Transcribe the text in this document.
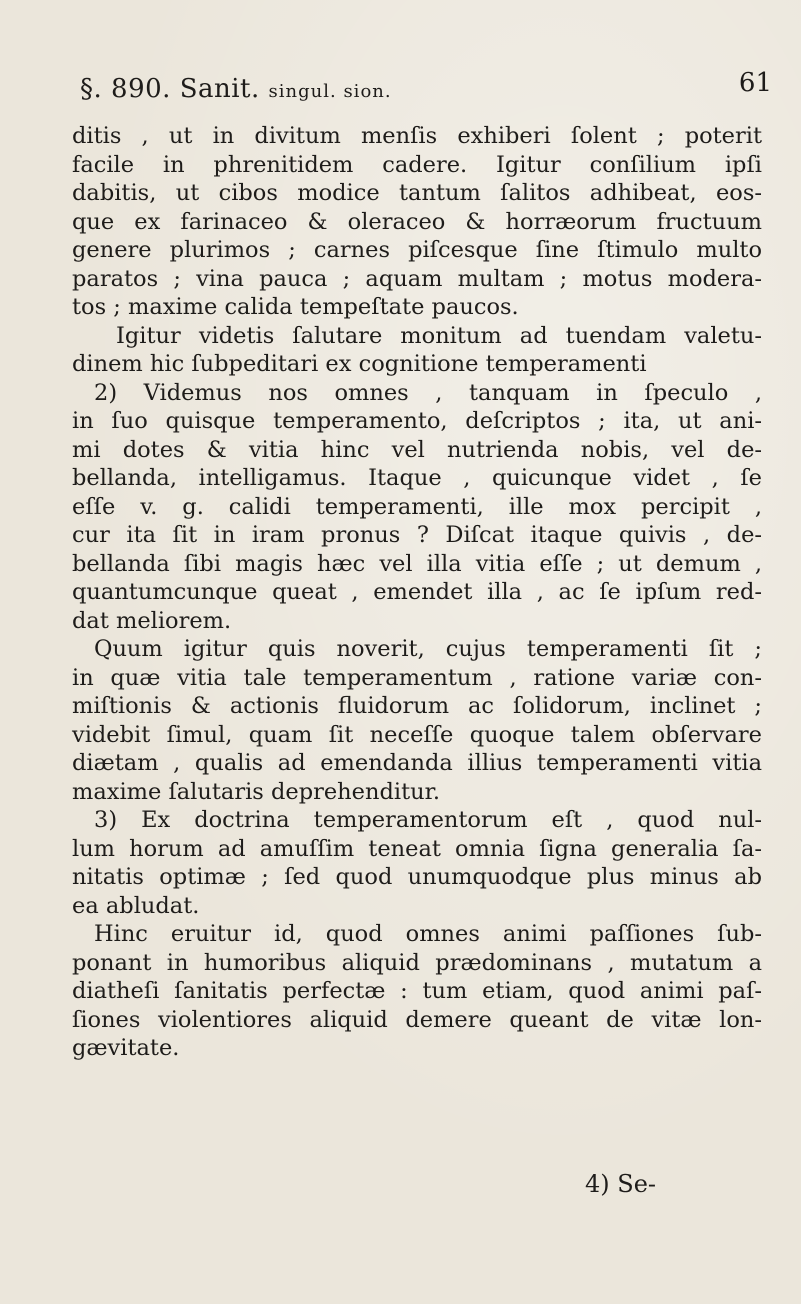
§. 890. Sanit. singul. sion.	61
ditis , ut in divitum menſis exhiberi ſolent ; poterit
facile in phrenitidem cadere. Igitur conſilium ipſi
dabitis, ut cibos modice tantum ſalitos adhibeat, eos-
que ex farinaceo & oleraceo & horræorum fructuum
genere plurimos ; carnes piſcesque ſine ſtimulo multo
paratos ; vina pauca ; aquam multam ; motus modera-
tos ; maxime calida tempeſtate paucos.
Igitur videtis ſalutare monitum ad tuendam valetu-
dinem hic ſubpeditari ex cognitione temperamenti
2) Videmus nos omnes , tanquam in ſpeculo ,
in ſuo quisque temperamento, deſcriptos ; ita, ut ani-
mi dotes & vitia hinc vel nutrienda nobis, vel de-
bellanda, intelligamus. Itaque , quicunque videt , ſe
eſſe v. g. calidi temperamenti, ille mox percipit ,
cur ita ſit in iram pronus ? Diſcat itaque quivis , de-
bellanda ſibi magis hæc vel illa vitia eſſe ; ut demum ,
quantumcunque queat , emendet illa , ac ſe ipſum red-
dat meliorem.
Quum igitur quis noverit, cujus temperamenti ſit ;
in quæ vitia tale temperamentum , ratione variæ con-
miſtionis & actionis fluidorum ac ſolidorum, inclinet ;
videbit ſimul, quam ſit neceſſe quoque talem obſervare
diætam , qualis ad emendanda illius temperamenti vitia
maxime ſalutaris deprehenditur.
3) Ex doctrina temperamentorum eſt , quod nul-
lum horum ad amuſſim teneat omnia ſigna generalia ſa-
nitatis optimæ ; ſed quod unumquodque plus minus ab
ea abludat.
Hinc eruitur id, quod omnes animi paſſiones ſub-
ponant in humoribus aliquid prædominans , mutatum a
diatheſi ſanitatis perfectæ : tum etiam, quod animi paſ-
ſiones violentiores aliquid demere queant de vitæ lon-
gævitate.
4) Se-
